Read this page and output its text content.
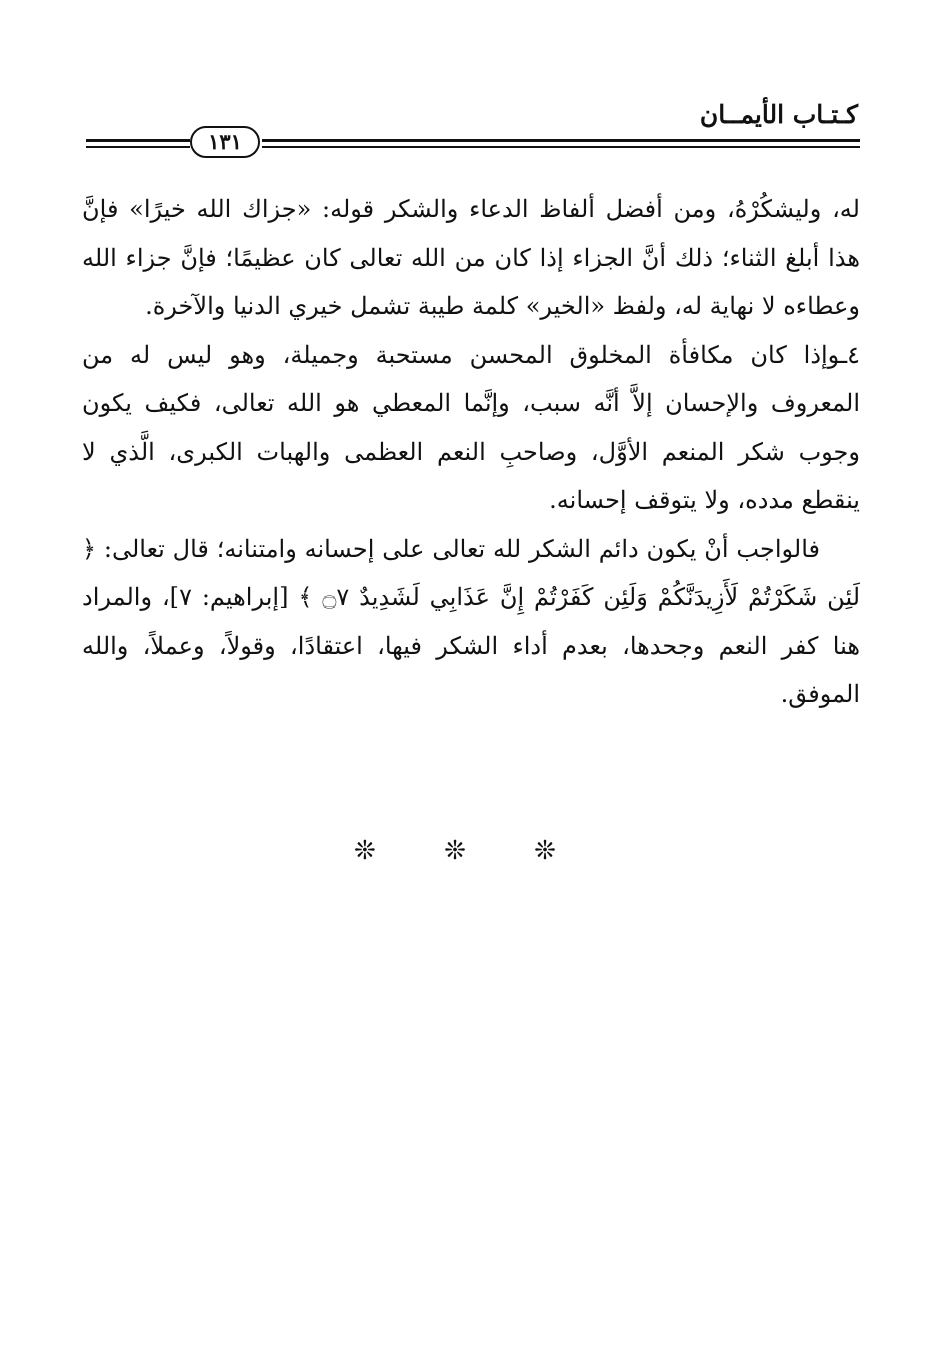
كـتـاب الأيمــان
١٣١

له، وليشكُرْهُ، ومن أفضل ألفاظ الدعاء والشكر قوله: «جزاك الله خيرًا» فإنَّ هذا أبلغ الثناء؛ ذلك أنَّ الجزاء إذا كان من الله تعالى كان عظيمًا؛ فإنَّ جزاء الله وعطاءه لا نهاية له، ولفظ «الخير» كلمة طيبة تشمل خيري الدنيا والآخرة.

٤ـوإذا كان مكافأة المخلوق المحسن مستحبة وجميلة، وهو ليس له من المعروف والإحسان إلاَّ أنَّه سبب، وإنَّما المعطي هو الله تعالى، فكيف يكون وجوب شكر المنعم الأوَّل، وصاحبِ النعم العظمى والهبات الكبرى، الَّذي لا ينقطع مدده، ولا يتوقف إحسانه.

فالواجب أنْ يكون دائم الشكر لله تعالى على إحسانه وامتنانه؛ قال تعالى: ﴿ لَئِن شَكَرْتُمْ لَأَزِيدَنَّكُمْ وَلَئِن كَفَرْتُمْ إِنَّ عَذَابِي لَشَدِيدٌ ۝٧ ﴾ [إبراهيم: ٧]، والمراد هنا كفر النعم وجحدها، بعدم أداء الشكر فيها، اعتقادًا، وقولاً، وعملاً، والله الموفق.

❊ ❊ ❊
